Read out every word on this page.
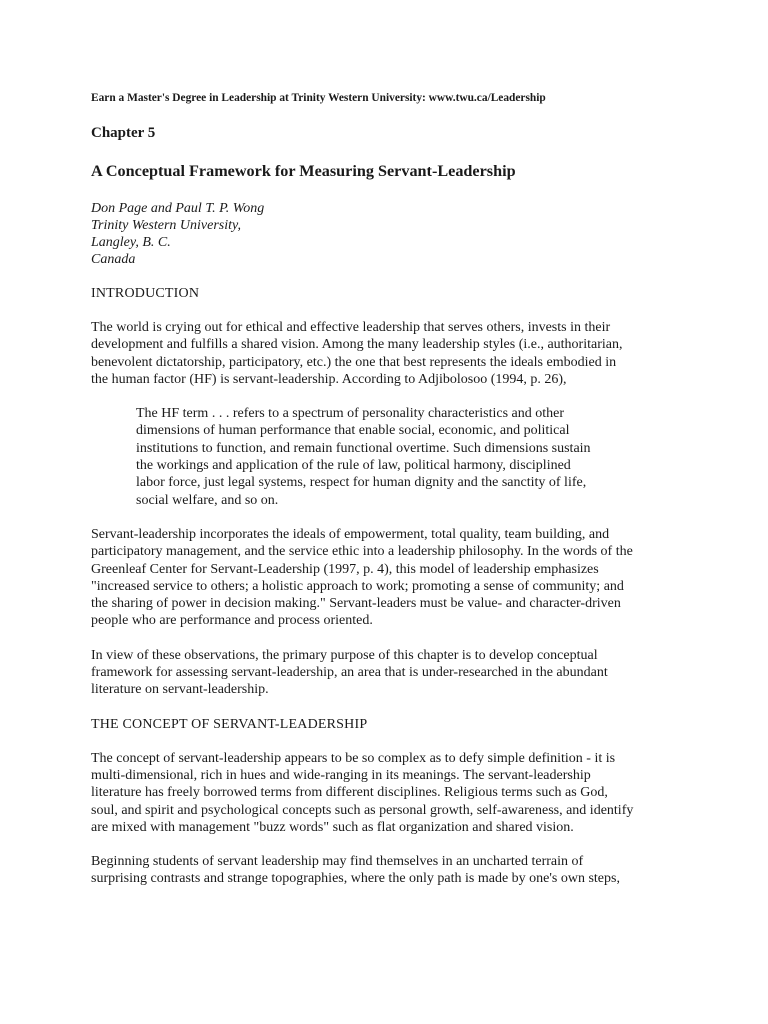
Earn a Master's Degree in Leadership at Trinity Western University: www.twu.ca/Leadership

Chapter 5

A Conceptual Framework for Measuring Servant-Leadership

Don Page and Paul T. P. Wong
Trinity Western University,
Langley, B. C.
Canada

INTRODUCTION

The world is crying out for ethical and effective leadership that serves others, invests in their
development and fulfills a shared vision. Among the many leadership styles (i.e., authoritarian,
benevolent dictatorship, participatory, etc.) the one that best represents the ideals embodied in
the human factor (HF) is servant-leadership. According to Adjibolosoo (1994, p. 26),
The HF term . . . refers to a spectrum of personality characteristics and other
dimensions of human performance that enable social, economic, and political
institutions to function, and remain functional overtime. Such dimensions sustain
the workings and application of the rule of law, political harmony, disciplined
labor force, just legal systems, respect for human dignity and the sanctity of life,
social welfare, and so on.
Servant-leadership incorporates the ideals of empowerment, total quality, team building, and
participatory management, and the service ethic into a leadership philosophy. In the words of the
Greenleaf Center for Servant-Leadership (1997, p. 4), this model of leadership emphasizes
"increased service to others; a holistic approach to work; promoting a sense of community; and
the sharing of power in decision making." Servant-leaders must be value- and character-driven
people who are performance and process oriented.
In view of these observations, the primary purpose of this chapter is to develop conceptual
framework for assessing servant-leadership, an area that is under-researched in the abundant
literature on servant-leadership.

THE CONCEPT OF SERVANT-LEADERSHIP

The concept of servant-leadership appears to be so complex as to defy simple definition - it is
multi-dimensional, rich in hues and wide-ranging in its meanings. The servant-leadership
literature has freely borrowed terms from different disciplines. Religious terms such as God,
soul, and spirit and psychological concepts such as personal growth, self-awareness, and identify
are mixed with management "buzz words" such as flat organization and shared vision.
Beginning students of servant leadership may find themselves in an uncharted terrain of
surprising contrasts and strange topographies, where the only path is made by one's own steps,
